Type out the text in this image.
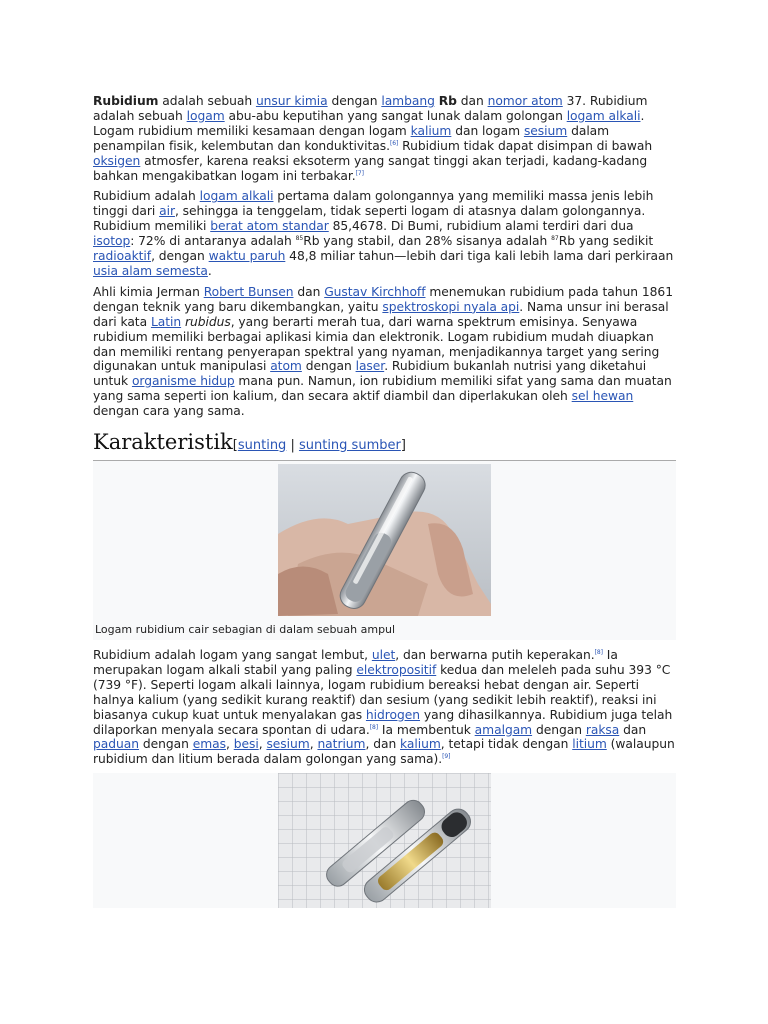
Rubidium adalah sebuah unsur kimia dengan lambang Rb dan nomor atom 37. Rubidium adalah sebuah logam abu-abu keputihan yang sangat lunak dalam golongan logam alkali. Logam rubidium memiliki kesamaan dengan logam kalium dan logam sesium dalam penampilan fisik, kelembutan dan konduktivitas.[6] Rubidium tidak dapat disimpan di bawah oksigen atmosfer, karena reaksi eksoterm yang sangat tinggi akan terjadi, kadang-kadang bahkan mengakibatkan logam ini terbakar.[7]

Rubidium adalah logam alkali pertama dalam golongannya yang memiliki massa jenis lebih tinggi dari air, sehingga ia tenggelam, tidak seperti logam di atasnya dalam golongannya. Rubidium memiliki berat atom standar 85,4678. Di Bumi, rubidium alami terdiri dari dua isotop: 72% di antaranya adalah $^{85}$Rb yang stabil, dan 28% sisanya adalah $^{87}$Rb yang sedikit radioaktif, dengan waktu paruh 48,8 miliar tahun—lebih dari tiga kali lebih lama dari perkiraan usia alam semesta.

Ahli kimia Jerman Robert Bunsen dan Gustav Kirchhoff menemukan rubidium pada tahun 1861 dengan teknik yang baru dikembangkan, yaitu spektroskopi nyala api. Nama unsur ini berasal dari kata Latin rubidus, yang berarti merah tua, dari warna spektrum emisinya. Senyawa rubidium memiliki berbagai aplikasi kimia dan elektronik. Logam rubidium mudah diuapkan dan memiliki rentang penyerapan spektral yang nyaman, menjadikannya target yang sering digunakan untuk manipulasi atom dengan laser. Rubidium bukanlah nutrisi yang diketahui untuk organisme hidup mana pun. Namun, ion rubidium memiliki sifat yang sama dan muatan yang sama seperti ion kalium, dan secara aktif diambil dan diperlakukan oleh sel hewan dengan cara yang sama.

Karakteristik[sunting | sunting sumber]
Logam rubidium cair sebagian di dalam sebuah ampul

Rubidium adalah logam yang sangat lembut, ulet, dan berwarna putih keperakan.[8] Ia merupakan logam alkali stabil yang paling elektropositif kedua dan meleleh pada suhu 393 °C (739 °F). Seperti logam alkali lainnya, logam rubidium bereaksi hebat dengan air. Seperti halnya kalium (yang sedikit kurang reaktif) dan sesium (yang sedikit lebih reaktif), reaksi ini biasanya cukup kuat untuk menyalakan gas hidrogen yang dihasilkannya. Rubidium juga telah dilaporkan menyala secara spontan di udara.[8] Ia membentuk amalgam dengan raksa dan paduan dengan emas, besi, sesium, natrium, dan kalium, tetapi tidak dengan litium (walaupun rubidium dan litium berada dalam golongan yang sama).[9]
